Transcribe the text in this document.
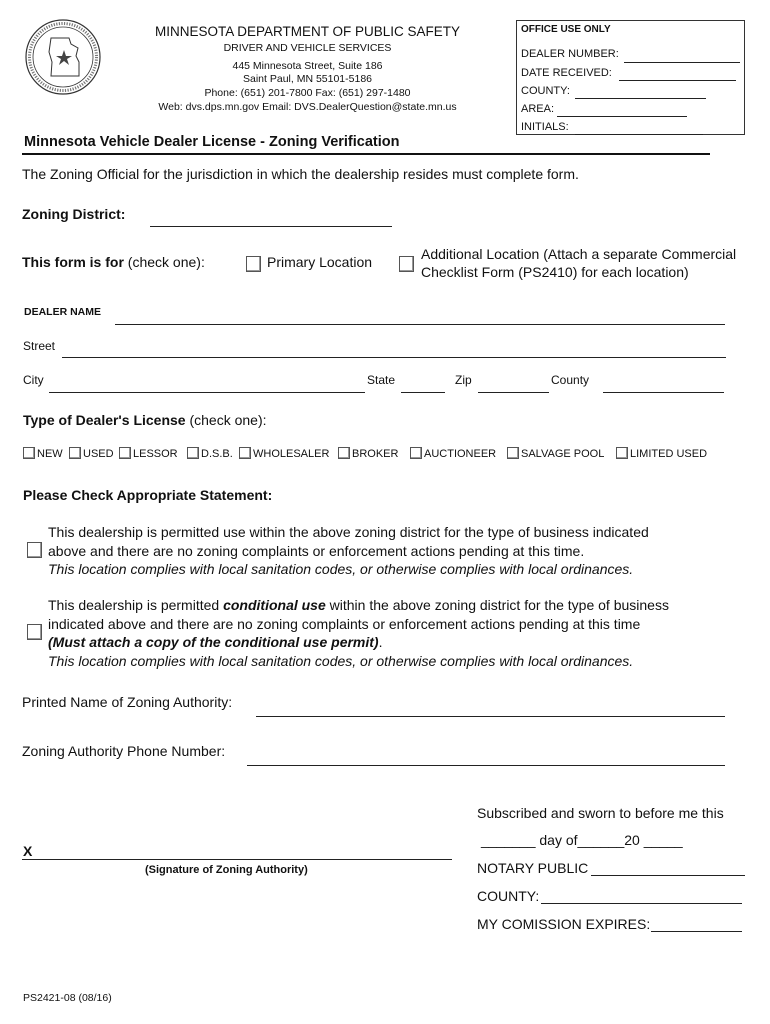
MINNESOTA DEPARTMENT OF PUBLIC SAFETY
DRIVER AND VEHICLE SERVICES
445 Minnesota Street, Suite 186
Saint Paul, MN 55101-5186
Phone: (651) 201-7800 Fax: (651) 297-1480
Web: dvs.dps.mn.gov Email: DVS.DealerQuestion@state.mn.us
OFFICE USE ONLY
DEALER NUMBER:
DATE RECEIVED:
COUNTY:
AREA:
INITIALS:
Minnesota Vehicle Dealer License - Zoning Verification
The Zoning Official for the jurisdiction in which the dealership resides must complete form.
Zoning District:
This form is for (check one):	Primary Location	Additional Location (Attach a separate Commercial
Checklist Form (PS2410) for each location)
DEALER NAME
Street
City	State	Zip	County
Type of Dealer's License (check one):
NEW	USED	LESSOR	D.S.B.	WHOLESALER	BROKER	AUCTIONEER	SALVAGE POOL	LIMITED USED
Please Check Appropriate Statement:
This dealership is permitted use within the above zoning district for the type of business indicated
above and there are no zoning complaints or enforcement actions pending at this time.
This location complies with local sanitation codes, or otherwise complies with local ordinances.
This dealership is permitted conditional use within the above zoning district for the type of business
indicated above and there are no zoning complaints or enforcement actions pending at this time
(Must attach a copy of the conditional use permit).
This location complies with local sanitation codes, or otherwise complies with local ordinances.
Printed Name of Zoning Authority:
Zoning Authority Phone Number:
X
(Signature of Zoning Authority)
Subscribed and sworn to before me this
_______ day of______20 _____
NOTARY PUBLIC
COUNTY:
MY COMISSION EXPIRES:
PS2421-08 (08/16)
